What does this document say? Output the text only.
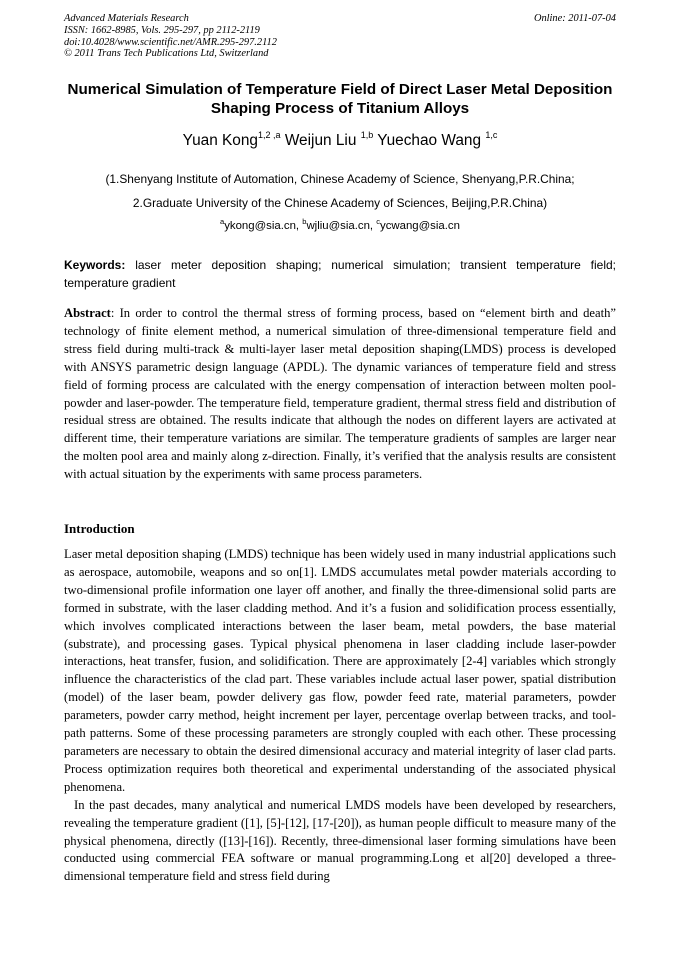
Advanced Materials Research
ISSN: 1662-8985, Vols. 295-297, pp 2112-2119
doi:10.4028/www.scientific.net/AMR.295-297.2112
© 2011 Trans Tech Publications Ltd, Switzerland
Online: 2011-07-04
Numerical Simulation of Temperature Field of Direct Laser Metal Deposition Shaping Process of Titanium Alloys
Yuan Kong$^{1,2 ,a}$ Weijun Liu $^{1,b}$ Yuechao Wang $^{1,c}$
(1.Shenyang Institute of Automation, Chinese Academy of Science, Shenyang,P.R.China;
2.Graduate University of the Chinese Academy of Sciences, Beijing,P.R.China)
$^a$ykong@sia.cn, $^b$wjliu@sia.cn, $^c$ycwang@sia.cn
Keywords: laser meter deposition shaping; numerical simulation; transient temperature field; temperature gradient
Abstract: In order to control the thermal stress of forming process, based on “element birth and death” technology of finite element method, a numerical simulation of three-dimensional temperature field and stress field during multi-track & multi-layer laser metal deposition shaping(LMDS) process is developed with ANSYS parametric design language (APDL). The dynamic variances of temperature field and stress field of forming process are calculated with the energy compensation of interaction between molten pool-powder and laser-powder. The temperature field, temperature gradient, thermal stress field and distribution of residual stress are obtained. The results indicate that although the nodes on different layers are activated at different time, their temperature variations are similar. The temperature gradients of samples are larger near the molten pool area and mainly along z-direction. Finally, it’s verified that the analysis results are consistent with actual situation by the experiments with same process parameters.
Introduction

Laser metal deposition shaping (LMDS) technique has been widely used in many industrial applications such as aerospace, automobile, weapons and so on[1]. LMDS accumulates metal powder materials according to two-dimensional profile information one layer off another, and finally the three-dimensional solid parts are formed in substrate, with the laser cladding method. And it’s a fusion and solidification process essentially, which involves complicated interactions between the laser beam, metal powders, the base material (substrate), and processing gases. Typical physical phenomena in laser cladding include laser-powder interactions, heat transfer, fusion, and solidification. There are approximately [2-4] variables which strongly influence the characteristics of the clad part. These variables include actual laser power, spatial distribution (model) of the laser beam, powder delivery gas flow, powder feed rate, material parameters, powder parameters, powder carry method, height increment per layer, percentage overlap between tracks, and tool-path patterns. Some of these processing parameters are strongly coupled with each other. These processing parameters are necessary to obtain the desired dimensional accuracy and material integrity of laser clad parts. Process optimization requires both theoretical and experimental understanding of the associated physical phenomena.

In the past decades, many analytical and numerical LMDS models have been developed by researchers, revealing the temperature gradient ([1], [5]-[12], [17-[20]), as human people difficult to measure many of the physical phenomena, directly ([13]-[16]). Recently, three-dimensional laser forming simulations have been conducted using commercial FEA software or manual programming.Long et al[20] developed a three-dimensional temperature field and stress field during
